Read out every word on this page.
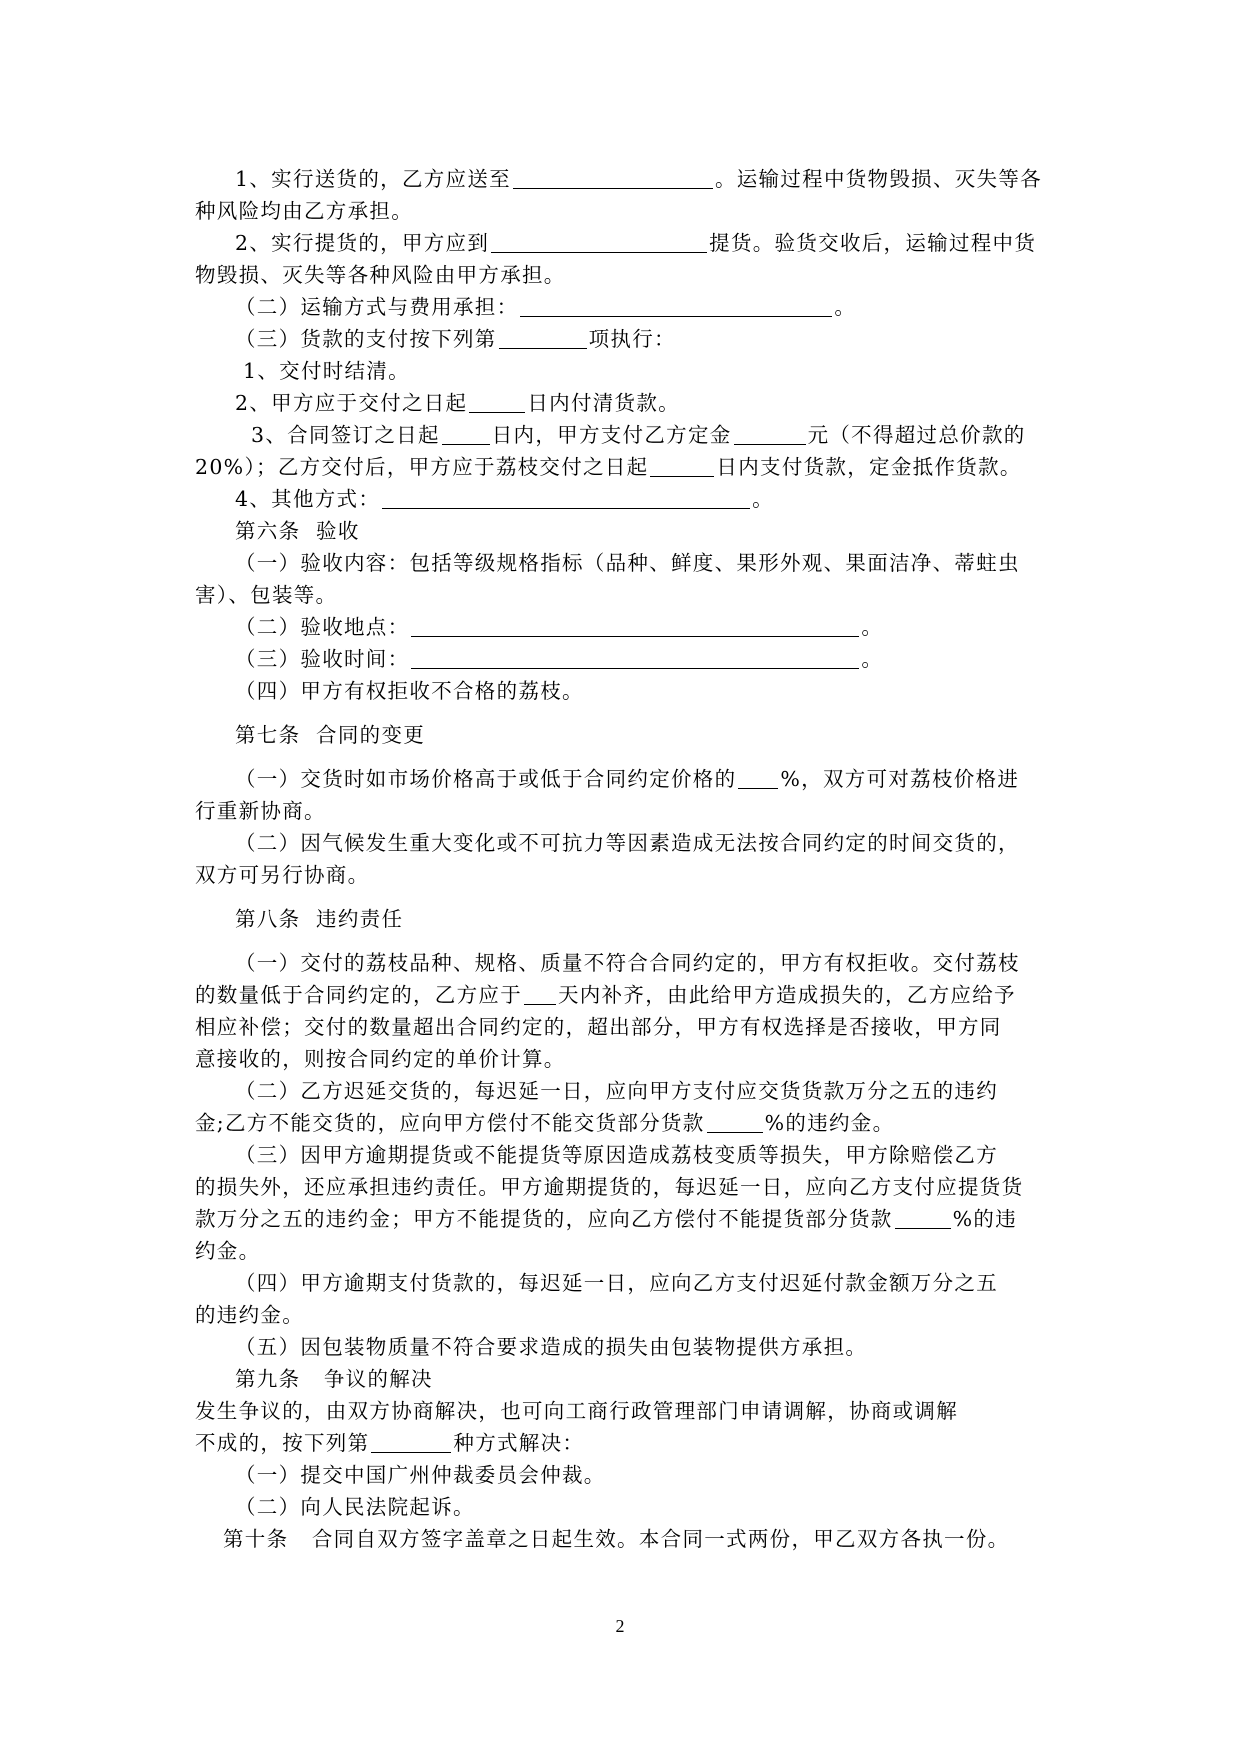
1、实行送货的，乙方应送至	。运输过程中货物毁损、灭失等各
种风险均由乙方承担。
2、实行提货的，甲方应到	提货。验货交收后，运输过程中货
物毁损、灭失等各种风险由甲方承担。
（二）运输方式与费用承担：	。
（三）货款的支付按下列第	项执行：
1、交付时结清。
2、甲方应于交付之日起	日内付清货款。
3、合同签订之日起	日内，甲方支付乙方定金	元（不得超过总价款的
20%）；乙方交付后，甲方应于荔枝交付之日起	日内支付货款，定金抵作货款。
4、其他方式：	。
第六条 验收
（一）验收内容：包括等级规格指标（品种、鲜度、果形外观、果面洁净、蒂蛀虫
害）、包装等。
（二）验收地点：	。
（三）验收时间：	。
（四）甲方有权拒收不合格的荔枝。
第七条 合同的变更
（一）交货时如市场价格高于或低于合同约定价格的 %，双方可对荔枝价格进
行重新协商。
（二）因气候发生重大变化或不可抗力等因素造成无法按合同约定的时间交货的，
双方可另行协商。
第八条 违约责任
（一）交付的荔枝品种、规格、质量不符合合同约定的，甲方有权拒收。交付荔枝
的数量低于合同约定的，乙方应于 天内补齐，由此给甲方造成损失的，乙方应给予
相应补偿；交付的数量超出合同约定的，超出部分，甲方有权选择是否接收，甲方同
意接收的，则按合同约定的单价计算。
（二）乙方迟延交货的，每迟延一日，应向甲方支付应交货货款万分之五的违约
金;乙方不能交货的，应向甲方偿付不能交货部分货款	%的违约金。
（三）因甲方逾期提货或不能提货等原因造成荔枝变质等损失，甲方除赔偿乙方
的损失外，还应承担违约责任。甲方逾期提货的，每迟延一日，应向乙方支付应提货货
款万分之五的违约金；甲方不能提货的，应向乙方偿付不能提货部分货款	%的违
约金。
（四）甲方逾期支付货款的，每迟延一日，应向乙方支付迟延付款金额万分之五
的违约金。
（五）因包装物质量不符合要求造成的损失由包装物提供方承担。
第九条 争议的解决
发生争议的，由双方协商解决，也可向工商行政管理部门申请调解，协商或调解
不成的，按下列第	种方式解决：
（一）提交中国广州仲裁委员会仲裁。
（二）向人民法院起诉。
第十条 合同自双方签字盖章之日起生效。本合同一式两份，甲乙双方各执一份。
2
